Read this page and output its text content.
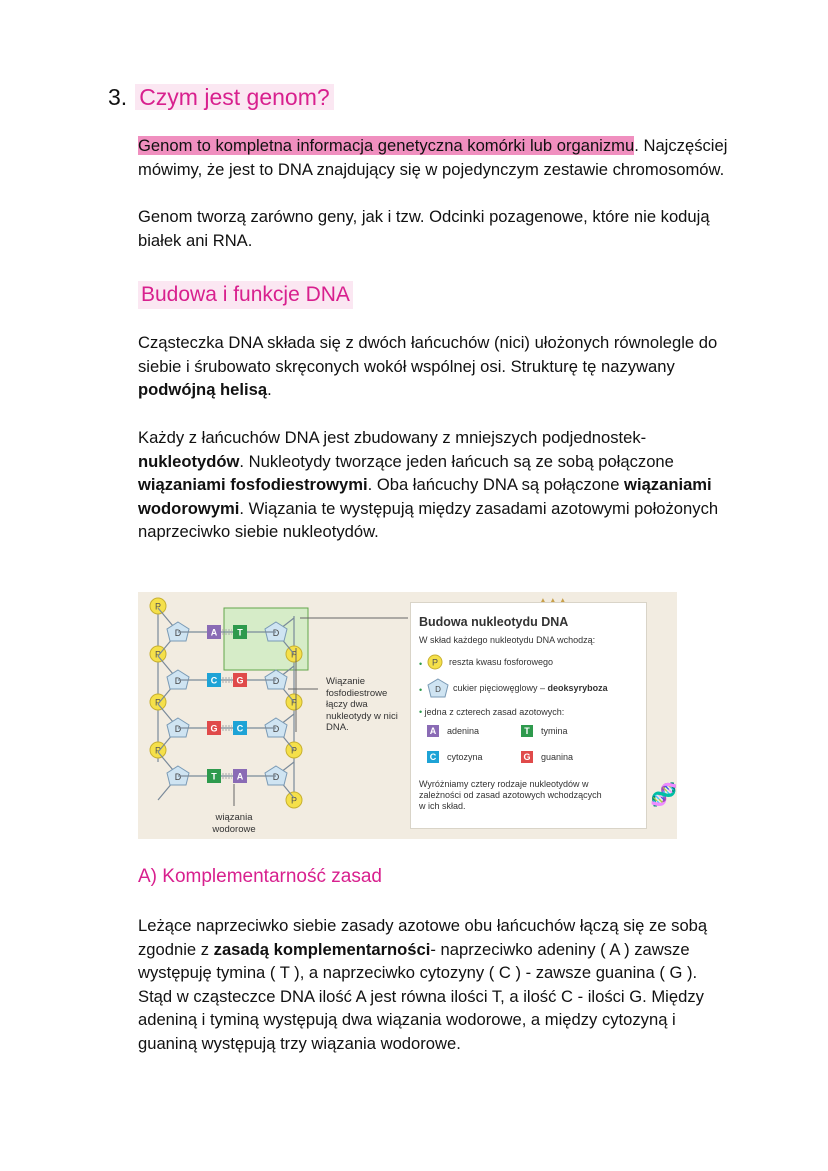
3. Czym jest genom?
Genom to kompletna informacja genetyczna komórki lub organizmu. Najczęściej mówimy, że jest to DNA znajdujący się w pojedynczym zestawie chromosomów.
Genom tworzą zarówno geny, jak i tzw. Odcinki pozagenowe, które nie kodują białek ani RNA.
Budowa i funkcje DNA
Cząsteczka DNA składa się z dwóch łańcuchów (nici) ułożonych równolegle do siebie i śrubowato skręconych wokół wspólnej osi. Strukturę tę nazywany podwójną helisą.
Każdy z łańcuchów DNA jest zbudowany z mniejszych podjednostek- nukleotydów. Nukleotydy tworzące jeden łańcuch są ze sobą połączone wiązaniami fosfodiestrowymi. Oba łańcuchy DNA są połączone wiązaniami wodorowymi. Wiązania te występują między zasadami azotowymi położonych naprzeciwko siebie nukleotydów.
P
P
P
P
D
D
D
D
P
P
P
P
D
D
D
D
A T
C G
G C
T A
🧬
Wiązanie fosfodiestrowe łączy dwa nukleotydy w nici DNA.
wiązania wodorowe
Budowa nukleotydu DNA
W skład każdego nukleotydu DNA wchodzą:
• P reszta kwasu fosforowego
• D cukier pięciowęglowy – deoksyryboza
• jedna z czterech zasad azotowych:
A	adenina	T	tymina
C	cytozyna	G guanina
Wyróżniamy cztery rodzaje nukleotydów w zależności od zasad azotowych wchodzących w ich skład.
A) Komplementarność zasad
Leżące naprzeciwko siebie zasady azotowe obu łańcuchów łączą się ze sobą zgodnie z zasadą komplementarności- naprzeciwko adeniny ( A ) zawsze występuję tymina ( T ), a naprzeciwko cytozyny ( C ) - zawsze guanina ( G ). Stąd w cząsteczce DNA ilość A jest równa ilości T, a ilość C - ilości G. Między adeniną i tyminą występują dwa wiązania wodorowe, a między cytozyną i guaniną występują trzy wiązania wodorowe.
